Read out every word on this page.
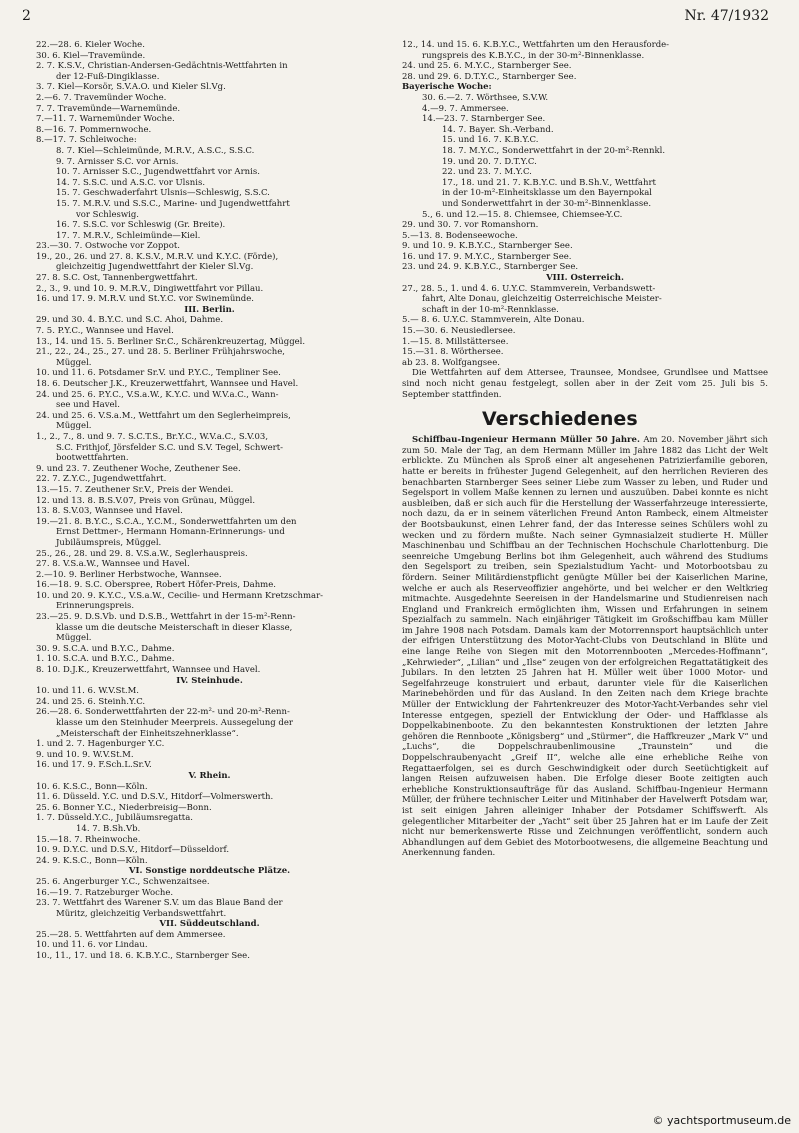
2	Nr. 47/1932
22.—28. 6. Kieler Woche.
30. 6. Kiel—Travemünde.
2. 7. K.S.V., Christian-Andersen-Gedächtnis-Wettfahrten in
der 12-Fuß-Dingiklasse.
3. 7. Kiel—Korsör, S.V.A.O. und Kieler Sl.Vg.
2.—6. 7. Travemünder Woche.
7. 7. Travemünde—Warnemünde.
7.—11. 7. Warnemünder Woche.
8.—16. 7. Pommernwoche.
8.—17. 7. Schleiwoche:
8. 7. Kiel—Schleimünde, M.R.V., A.S.C., S.S.C.
9. 7. Arnisser S.C. vor Arnis.
10. 7. Arnisser S.C., Jugendwettfahrt vor Arnis.
14. 7. S.S.C. und A.S.C. vor Ulsnis.
15. 7. Geschwaderfahrt Ulsnis—Schleswig, S.S.C.
15. 7. M.R.V. und S.S.C., Marine- und Jugendwettfahrt
vor Schleswig.
16. 7. S.S.C. vor Schleswig (Gr. Breite).
17. 7. M.R.V., Schleimünde—Kiel.
23.—30. 7. Ostwoche vor Zoppot.
19., 20., 26. und 27. 8. K.S.V., M.R.V. und K.Y.C. (Förde),
gleichzeitig Jugendwettfahrt der Kieler Sl.Vg.
27. 8. S.C. Ost, Tannenbergwettfahrt.
2., 3., 9. und 10. 9. M.R.V., Dingiwettfahrt vor Pillau.
16. und 17. 9. M.R.V. und St.Y.C. vor Swinemünde.
III. Berlin.
29. und 30. 4. B.Y.C. und S.C. Ahoi, Dahme.
7. 5. P.Y.C., Wannsee und Havel.
13., 14. und 15. 5. Berliner Sr.C., Schärenkreuzertag, Müggel.
21., 22., 24., 25., 27. und 28. 5. Berliner Frühjahrswoche,
Müggel.
10. und 11. 6. Potsdamer Sr.V. und P.Y.C., Templiner See.
18. 6. Deutscher J.K., Kreuzerwettfahrt, Wannsee und Havel.
24. und 25. 6. P.Y.C., V.S.a.W., K.Y.C. und W.V.a.C., Wann-
see und Havel.
24. und 25. 6. V.S.a.M., Wettfahrt um den Seglerheimpreis,
Müggel.
1., 2., 7., 8. und 9. 7. S.C.T.S., Br.Y.C., W.V.a.C., S.V.03,
S.C. Frithjof, Jörsfelder S.C. und S.V. Tegel, Schwert-
bootwettfahrten.
9. und 23. 7. Zeuthener Woche, Zeuthener See.
22. 7. Z.Y.C., Jugendwettfahrt.
13.—15. 7. Zeuthener Sr.V., Preis der Wendei.
12. und 13. 8. B.S.V.07, Preis von Grünau, Müggel.
13. 8. S.V.03, Wannsee und Havel.
19.—21. 8. B.Y.C., S.C.A., Y.C.M., Sonderwettfahrten um den
Ernst Dettmer-, Hermann Homann-Erinnerungs- und
Jubiläumspreis, Müggel.
25., 26., 28. und 29. 8. V.S.a.W., Seglerhauspreis.
27. 8. V.S.a.W., Wannsee und Havel.
2.—10. 9. Berliner Herbstwoche, Wannsee.
16.—18. 9. S.C. Oberspree, Robert Höfer-Preis, Dahme.
10. und 20. 9. K.Y.C., V.S.a.W., Cecilie- und Hermann Kretzschmar-
Erinnerungspreis.
23.—25. 9. D.S.Vb. und D.S.B., Wettfahrt in der 15-m²-Renn-
klasse um die deutsche Meisterschaft in dieser Klasse,
Müggel.
30. 9. S.C.A. und B.Y.C., Dahme.
1. 10. S.C.A. und B.Y.C., Dahme.
8. 10. D.J.K., Kreuzerwettfahrt, Wannsee und Havel.
IV. Steinhude.
10. und 11. 6. W.V.St.M.
24. und 25. 6. Steinh.Y.C.
26.—28. 6. Sonderwettfahrten der 22-m²- und 20-m²-Renn-
klasse um den Steinhuder Meerpreis. Aussegelung der
„Meisterschaft der Einheitszehnerklasse“.
1. und 2. 7. Hagenburger Y.C.
9. und 10. 9. W.V.St.M.
16. und 17. 9. F.Sch.L.Sr.V.
V. Rhein.
10. 6. K.S.C., Bonn—Köln.
11. 6. Düsseld. Y.C. und D.S.V., Hitdorf—Volmerswerth.
25. 6. Bonner Y.C., Niederbreisig—Bonn.
1. 7. Düsseld.Y.C., Jubiläumsregatta.
14. 7. B.Sh.Vb.
15.—18. 7. Rheinwoche.
10. 9. D.Y.C. und D.S.V., Hitdorf—Düsseldorf.
24. 9. K.S.C., Bonn—Köln.
VI. Sonstige norddeutsche Plätze.
25. 6. Angerburger Y.C., Schwenzaitsee.
16.—19. 7. Ratzeburger Woche.
23. 7. Wettfahrt des Warener S.V. um das Blaue Band der
Müritz, gleichzeitig Verbandswettfahrt.
VII. Süddeutschland.
25.—28. 5. Wettfahrten auf dem Ammersee.
10. und 11. 6. vor Lindau.
10., 11., 17. und 18. 6. K.B.Y.C., Starnberger See.
12., 14. und 15. 6. K.B.Y.C., Wettfahrten um den Herausforde-
rungspreis des K.B.Y.C., in der 30-m²-Binnenklasse.
24. und 25. 6. M.Y.C., Starnberger See.
28. und 29. 6. D.T.Y.C., Starnberger See.
Bayerische Woche:
30. 6.—2. 7. Wörthsee, S.V.W.
4.—9. 7. Ammersee.
14.—23. 7. Starnberger See.
14. 7. Bayer. Sh.-Verband.
15. und 16. 7. K.B.Y.C.
18. 7. M.Y.C., Sonderwettfahrt in der 20-m²-Rennkl.
19. und 20. 7. D.T.Y.C.
22. und 23. 7. M.Y.C.
17., 18. und 21. 7. K.B.Y.C. und B.Sh.V., Wettfahrt
in der 10-m²-Einheitsklasse um den Bayernpokal
und Sonderwettfahrt in der 30-m²-Binnenklasse.
5., 6. und 12.—15. 8. Chiemsee, Chiemsee-Y.C.
29. und 30. 7. vor Romanshorn.
5.—13. 8. Bodenseewoche.
9. und 10. 9. K.B.Y.C., Starnberger See.
16. und 17. 9. M.Y.C., Starnberger See.
23. und 24. 9. K.B.Y.C., Starnberger See.
VIII. Österreich.
27., 28. 5., 1. und 4. 6. U.Y.C. Stammverein, Verbandswett-
fahrt, Alte Donau, gleichzeitig Österreichische Meister-
schaft in der 10-m²-Rennklasse.
5.— 8. 6. U.Y.C. Stammverein, Alte Donau.
15.—30. 6. Neusiedlersee.
1.—15. 8. Millstättersee.
15.—31. 8. Wörthersee.
ab 23. 8. Wolfgangsee.

Die Wettfahrten auf dem Attersee, Traunsee, Mondsee, Grundlsee und Mattsee sind noch nicht genau festgelegt, sollen aber in der Zeit vom 25. Juli bis 5. September stattfinden.

Verschiedenes

Schiffbau-Ingenieur Hermann Müller 50 Jahre. Am 20. November jährt sich zum 50. Male der Tag, an dem Hermann Müller im Jahre 1882 das Licht der Welt erblickte. Zu München als Sproß einer alt angesehenen Patrizierfamilie geboren, hatte er bereits in frühester Jugend Gelegenheit, auf den herrlichen Revieren des benachbarten Starnberger Sees seiner Liebe zum Wasser zu leben, und Ruder und Segelsport in vollem Maße kennen zu lernen und auszuüben. Dabei konnte es nicht ausbleiben, daß er sich auch für die Herstellung der Wasserfahrzeuge interessierte, noch dazu, da er in seinem väterlichen Freund Anton Rambeck, einem Altmeister der Bootsbaukunst, einen Lehrer fand, der das Interesse seines Schülers wohl zu wecken und zu fördern mußte. Nach seiner Gymnasialzeit studierte H. Müller Maschinenbau und Schiffbau an der Technischen Hochschule Charlottenburg. Die seenreiche Umgebung Berlins bot ihm Gelegenheit, auch während des Studiums den Segelsport zu treiben, sein Spezialstudium Yacht- und Motorbootsbau zu fördern. Seiner Militärdienstpflicht genügte Müller bei der Kaiserlichen Marine, welche er auch als Reserveoffizier angehörte, und bei welcher er den Weltkrieg mitmachte. Ausgedehnte Seereisen in der Handelsmarine und Studienreisen nach England und Frankreich ermöglichten ihm, Wissen und Erfahrungen in seinem Spezialfach zu sammeln. Nach einjähriger Tätigkeit im Großschiffbau kam Müller im Jahre 1908 nach Potsdam. Damals kam der Motorrennsport hauptsächlich unter der eifrigen Unterstützung des Motor-Yacht-Clubs von Deutschland in Blüte und eine lange Reihe von Siegen mit den Motorrennbooten „Mercedes-Hoffmann“, „Kehrwieder“, „Lilian“ und „Ilse“ zeugen von der erfolgreichen Regattatätigkeit des Jubilars. In den letzten 25 Jahren hat H. Müller weit über 1000 Motor- und Segelfahrzeuge konstruiert und erbaut, darunter viele für die Kaiserlichen Marinebehörden und für das Ausland. In den Zeiten nach dem Kriege brachte Müller der Entwicklung der Fahrtenkreuzer des Motor-Yacht-Verbandes sehr viel Interesse entgegen, speziell der Entwicklung der Oder- und Haffklasse als Doppelkabinenboote. Zu den bekanntesten Konstruktionen der letzten Jahre gehören die Rennboote „Königsberg“ und „Stürmer“, die Haffkreuzer „Mark V“ und „Luchs“, die Doppelschraubenlimousine „Traunstein“ und die Doppelschraubenyacht „Greif II“, welche alle eine erhebliche Reihe von Regattaerfolgen, sei es durch Geschwindigkeit oder durch Seetüchtigkeit auf langen Reisen aufzuweisen haben. Die Erfolge dieser Boote zeitigten auch erhebliche Konstruktionsaufträge für das Ausland. Schiffbau-Ingenieur Hermann Müller, der frühere technischer Leiter und Mitinhaber der Havelwerft Potsdam war, ist seit einigen Jahren alleiniger Inhaber der Potsdamer Schiffswerft. Als gelegentlicher Mitarbeiter der „Yacht“ seit über 25 Jahren hat er im Laufe der Zeit nicht nur bemerkenswerte Risse und Zeichnungen veröffentlicht, sondern auch Abhandlungen auf dem Gebiet des Motorbootwesens, die allgemeine Beachtung und Anerkennung fanden.

© yachtsportmuseum.de
